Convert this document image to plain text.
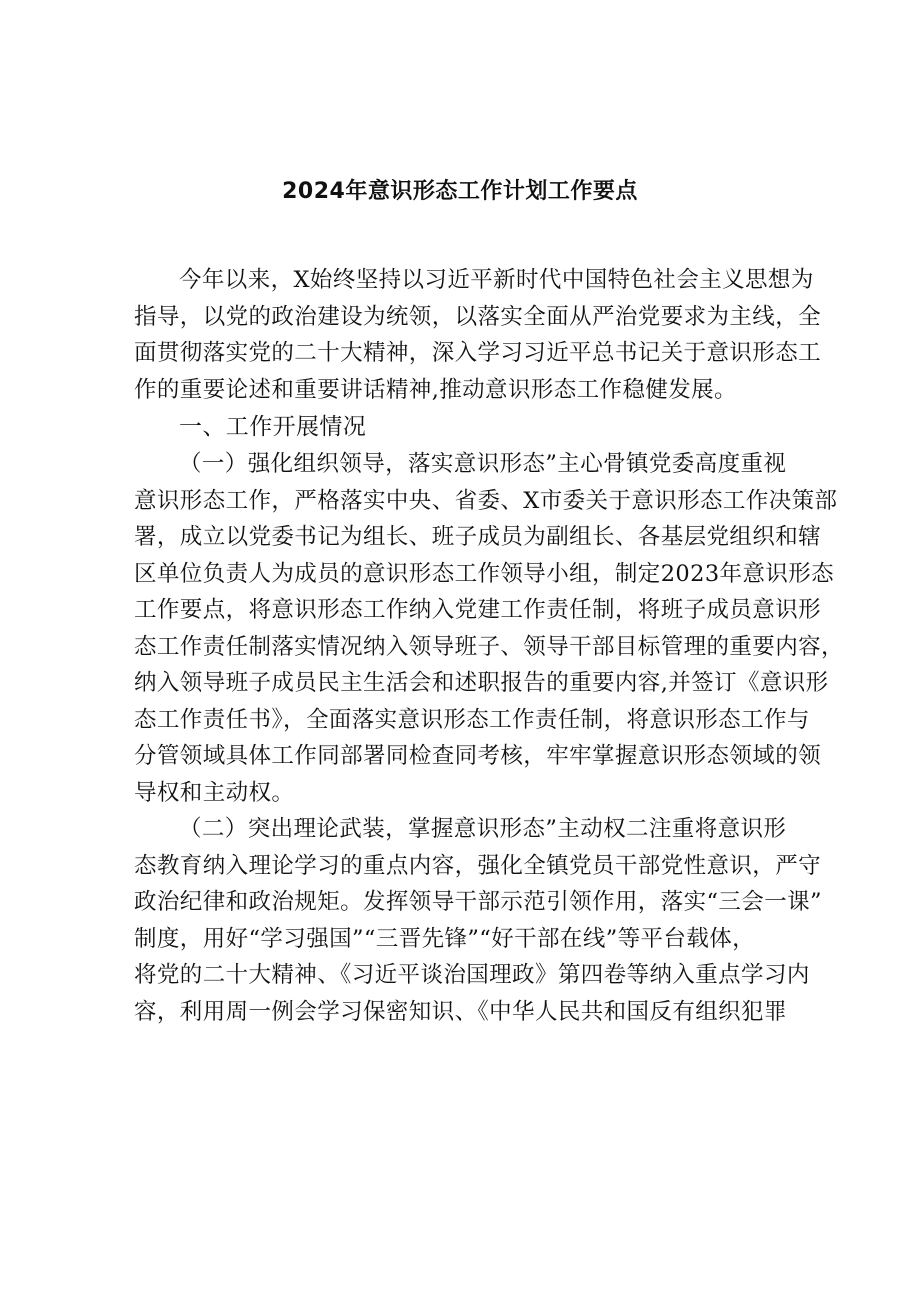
2024年意识形态工作计划工作要点
今年以来，X始终坚持以习近平新时代中国特色社会主义思想为
指导，以党的政治建设为统领，以落实全面从严治党要求为主线，全
面贯彻落实党的二十大精神，深入学习习近平总书记关于意识形态工
作的重要论述和重要讲话精神,推动意识形态工作稳健发展。
一、工作开展情况
（一）强化组织领导，落实意识形态”主心骨镇党委高度重视
意识形态工作，严格落实中央、省委、X市委关于意识形态工作决策部
署，成立以党委书记为组长、班子成员为副组长、各基层党组织和辖
区单位负责人为成员的意识形态工作领导小组，制定2023年意识形态
工作要点，将意识形态工作纳入党建工作责任制，将班子成员意识形
态工作责任制落实情况纳入领导班子、领导干部目标管理的重要内容，
纳入领导班子成员民主生活会和述职报告的重要内容,并签订《意识形
态工作责任书》，全面落实意识形态工作责任制，将意识形态工作与
分管领域具体工作同部署同检查同考核，牢牢掌握意识形态领域的领
导权和主动权。
（二）突出理论武装，掌握意识形态”主动权二注重将意识形
态教育纳入理论学习的重点内容，强化全镇党员干部党性意识，严守
政治纪律和政治规矩。发挥领导干部示范引领作用，落实“三会一课”
制度，用好“学习强国”“三晋先锋”“好干部在线”等平台载体，
将党的二十大精神、《习近平谈治国理政》第四卷等纳入重点学习内
容，利用周一例会学习保密知识、《中华人民共和国反有组织犯罪
